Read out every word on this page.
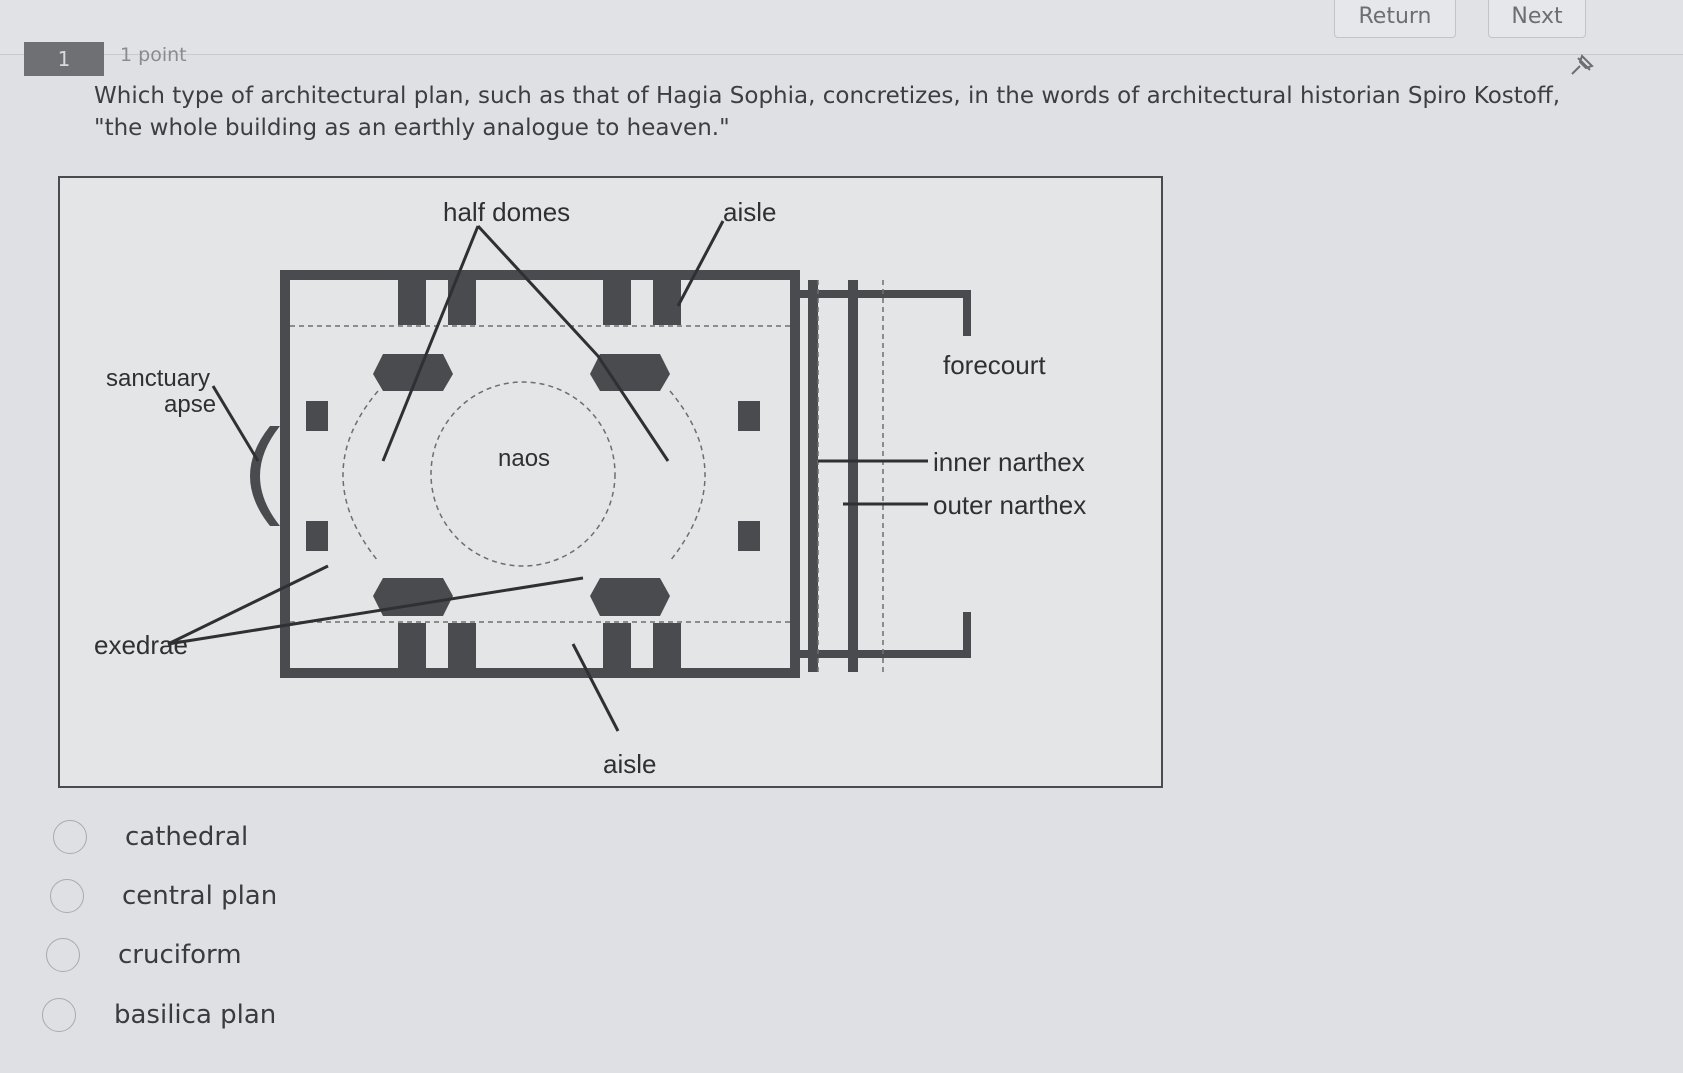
Return	Next
1	1 point
Which type of architectural plan, such as that of Hagia Sophia, concretizes, in the words of architectural historian Spiro Kostoff, "the whole building as an earthly analogue to heaven."
half domes	aisle
sanctuary
apse
naos
forecourt
inner narthex
outer narthex
exedrae
aisle
cathedral
central plan
cruciform
basilica plan
